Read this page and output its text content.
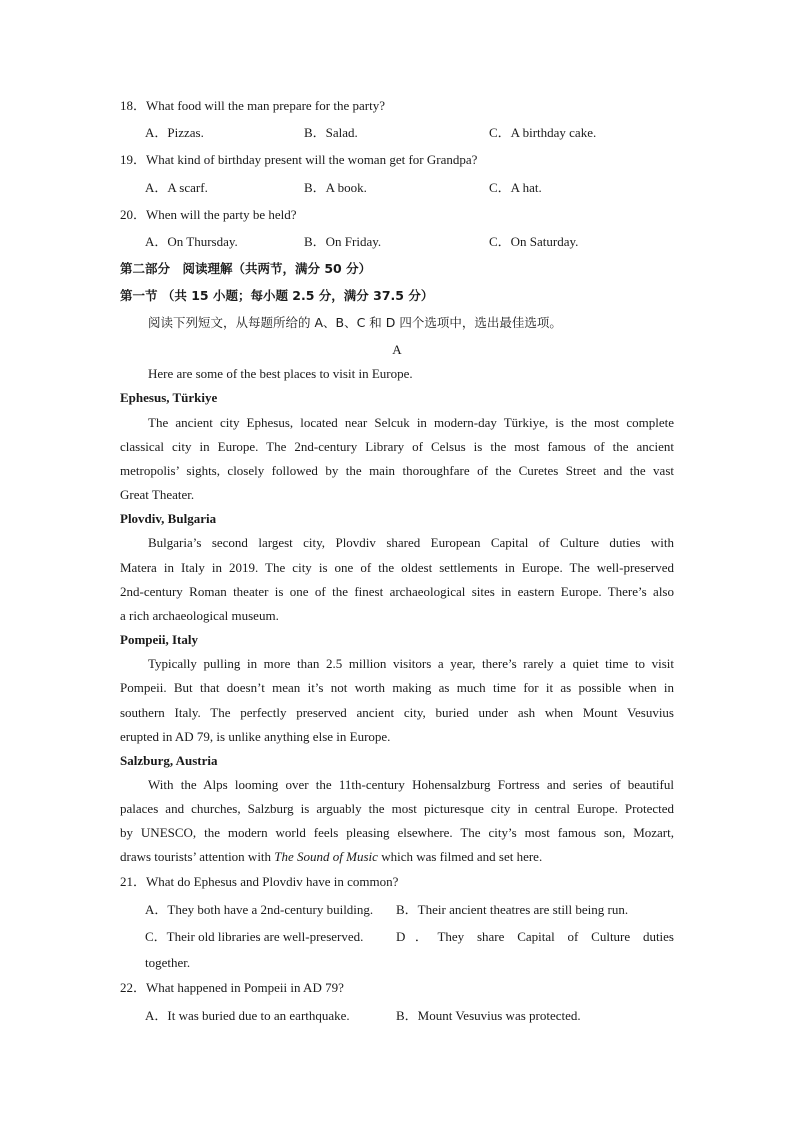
18．What food will the man prepare for the party?
A．Pizzas.	B．Salad.	C．A birthday cake.
19．What kind of birthday present will the woman get for Grandpa?
A．A scarf.	B．A book.	C．A hat.
20．When will the party be held?
A．On Thursday.	B．On Friday.	C．On Saturday.
第二部分　阅读理解（共两节，满分 50 分）
第一节 （共 15 小题；每小题 2.5 分，满分 37.5 分）
阅读下列短文，从每题所给的 A、B、C 和 D 四个选项中，选出最佳选项。
A
Here are some of the best places to visit in Europe.
Ephesus, Türkiye
The ancient city Ephesus, located near Selcuk in modern-day Türkiye, is the most complete
classical city in Europe. The 2nd-century Library of Celsus is the most famous of the ancient
metropolis’ sights, closely followed by the main thoroughfare of the Curetes Street and the vast
Great Theater.
Plovdiv, Bulgaria
Bulgaria’s second largest city, Plovdiv shared European Capital of Culture duties with
Matera in Italy in 2019. The city is one of the oldest settlements in Europe. The well-preserved
2nd-century Roman theater is one of the finest archaeological sites in eastern Europe. There’s also
a rich archaeological museum.
Pompeii, Italy
Typically pulling in more than 2.5 million visitors a year, there’s rarely a quiet time to visit
Pompeii. But that doesn’t mean it’s not worth making as much time for it as possible when in
southern Italy. The perfectly preserved ancient city, buried under ash when Mount Vesuvius
erupted in AD 79, is unlike anything else in Europe.
Salzburg, Austria
With the Alps looming over the 11th-century Hohensalzburg Fortress and series of beautiful
palaces and churches, Salzburg is arguably the most picturesque city in central Europe. Protected
by UNESCO, the modern world feels pleasing elsewhere. The city’s most famous son, Mozart,
draws tourists’ attention with The Sound of Music which was filmed and set here.
21．What do Ephesus and Plovdiv have in common?
A．They both have a 2nd-century building. B．Their ancient theatres are still being run.
C．Their old libraries are well-preserved.	D．They share Capital of Culture duties
together.
22．What happened in Pompeii in AD 79?
A．It was buried due to an earthquake.	B．Mount Vesuvius was protected.
